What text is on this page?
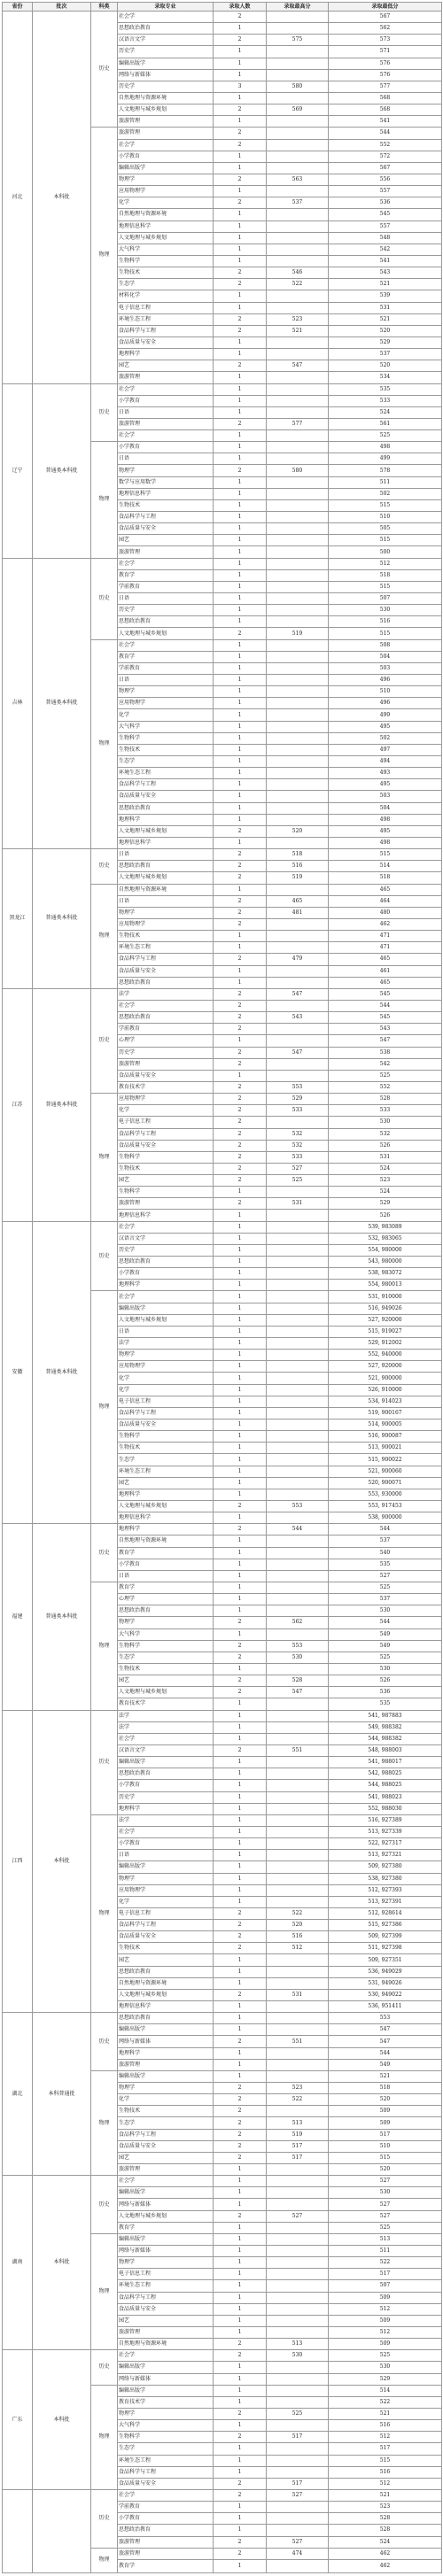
省份	批次	科类	录取专业	录取人数	录取最高分	录取最低分
河北	本科批	历史	社会学	2		567
			思想政治教育	1		562
			汉语言文学	2	575	573
			历史学	1		571
			编辑出版学	1		576
			网络与新媒体	1		576
			历史学	3	580	577
			自然地理与资源环境	1		568
			人文地理与城乡规划	2	569	568
			旅游管理	1		541
		物理	旅游管理	2		544
			社会学	2		552
			小学教育	1		572
			编辑出版学	1		567
			物理学	2	563	556
			应用物理学	1		557
			化学	2	537	536
			自然地理与资源环境	1		545
			地理信息科学	1		557
			人文地理与城乡规划	1		548
			大气科学	1		542
			生物科学	1		541
			生物技术	2	546	543
			生态学	2	522	521
			材料化学	1		539
			电子信息工程	1		531
			环境生态工程	2	523	521
			食品科学与工程	2	521	520
			食品质量与安全	1		529
			地理科学	1		537
			园艺	2	547	520
			旅游管理	1		534
辽宁	普通类本科批	历史	社会学	1		535
			小学教育	1		533
			日语	1		524
			旅游管理	2	577	561
			社会学	1		525
		物理	小学教育	1		498
			日语	1		499
			物理学	2	580	578
			数学与应用数学	1		511
			地理信息科学	1		502
			生物技术	1		515
			食品科学与工程	1		510
			食品质量与安全	1		505
			园艺	1		515
			旅游管理	1		500
吉林	普通类本科批	历史	社会学	1		512
			教育学	1		518
			学前教育	1		515
			日语	1		507
			历史学	1		530
			思想政治教育	1		516
			人文地理与城乡规划	2	519	515
		物理	社会学	1		508
			教育学	1		504
			学前教育	1		503
			日语	1		496
			物理学	1		510
			应用物理学	1		496
			化学	1		499
			大气科学	1		495
			生物科学	1		502
			生物技术	1		497
			生态学	1		494
			环境生态工程	1		493
			食品科学与工程	1		495
			食品质量与安全	1		503
			思想政治教育	1		504
			地理科学	1		498
			人文地理与城乡规划	2	520	495
			地理信息科学	1		498
黑龙江	普通类本科批	历史	日语	2	518	515
			思想政治教育	2	516	514
			人文地理与城乡规划	2	519	518
		物理	自然地理与资源环境	1		465
			日语	2	465	464
			物理学	2	481	480
			应用物理学	2		462
			生物技术	1		471
			环境生态工程	1		471
			食品科学与工程	2	479	465
			食品质量与安全	1		461
			思想政治教育	1		465
江苏	普通类本科批	历史	法学	2	547	545
			社会学	2		544
			思想政治教育	2	543	545
			学前教育	2		543
			心理学	1		547
			历史学	2	547	538
			旅游管理	2		542
			食品质量与安全	1		525
			教育技术学	2	553	552
		物理	应用物理学	2	529	528
			化学	2	533	533
			电子信息工程	2		530
			食品科学与工程	2	532	532
			食品质量与安全	2	532	526
			生物科学	2	533	531
			生物技术	2	527	524
			园艺	2	525	523
			生物科学	1		524
			旅游管理	2	531	529
			地理信息科学	1		526
安徽	普通类本科批	历史	社会学	1		539, 983089
			汉语言文学	1		532, 983065
			历史学	1		554, 980000
			思想政治教育	1		543, 980000
			小学教育	1		538, 983072
			地理科学	1		554, 980013
		物理	社会学	1		531, 910000
			编辑出版学	1		516, 949026
			人文地理与城乡规划	1		527, 920000
			日语	1		515, 919027
			法学	1		529, 912002
			物理学	1		552, 940000
			应用物理学	1		527, 920000
			化学	1		521, 900000
			化学	1		526, 910000
			电子信息工程	1		534, 914023
			食品科学与工程	1		519, 900167
			食品质量与安全	1		514, 900005
			生物科学	1		516, 900087
			生物技术	1		513, 900021
			生态学	1		515, 900022
			环境生态工程	1		521, 900060
			园艺	1		520, 900071
			地理科学	1		553, 930000
			人文地理与城乡规划	2	553	553, 917453
			地理信息科学	1		538, 900000
福建	普通类本科批	历史	地理科学	2	544	544
			自然地理与资源环境	1		537
			教育学	1		540
			小学教育	1		535
			日语	1		527
		物理	教育学	1		525
			心理学	1		537
			思想政治教育	1		530
			物理学	2	562	544
			大气科学	1		549
			生物科学	2	553	549
			生态学	2	530	525
			生物技术	1		530
			园艺	2	528	526
			人文地理与城乡规划	2	547	536
			教育技术学	1		535
江西	本科批	历史	法学	1		541, 987883
			法学	1		549, 988382
			社会学	1		544, 988382
			汉语言文学	2	551	548, 988003
			编辑出版学	1		541, 988017
			思想政治教育	1		542, 988025
			小学教育	1		544, 988025
			历史学	1		541, 988023
			地理科学	1		552, 988030
		物理	法学	1		516, 927389
			社会学	1		513, 927339
			小学教育	1		522, 927317
			日语	1		513, 927321
			编辑出版学	1		509, 927380
			物理学	1		538, 927380
			应用物理学	1		512, 927393
			化学	1		513, 927391
			电子信息工程	2	522	512, 928614
			食品科学与工程	2	520	515, 927386
			食品质量与安全	2	516	509, 927399
			生物技术	2	512	511, 927398
			园艺	1		509, 927351
			思想政治教育	1		536, 949029
			自然地理与资源环境	1		531, 949026
			人文地理与城乡规划	2	531	530, 949022
			地理信息科学	1		536, 951411
湖北	本科普通批	历史	思想政治教育	1		553
			编辑出版学	1		547
			网络与新媒体	2	551	547
			地理科学	1		544
			旅游管理	1		549
		物理	编辑出版学	1		521
			物理学	2	523	518
			化学	2	522	520
			生物技术	2		509
			生态学	2	513	509
			食品科学与工程	2	519	517
			食品质量与安全	2	517	510
			园艺	2	517	515
			旅游管理	1		520
湖南	本科批	历史	社会学	1		527
			编辑出版学	1		530
			网络与新媒体	1		527
			人文地理与城乡规划	2	527	527
			教育学	1		525
		物理	编辑出版学	1		513
			网络与新媒体	1		511
			物理学	1		522
			电子信息工程	1		517
			环境生态工程	1		507
			食品科学与工程	1		509
			食品质量与安全	1		512
			园艺	1		509
			旅游管理	1		512
			自然地理与资源环境	2	513	509
广东	本科批	历史	社会学	2	530	525
			编辑出版学	1		530
			网络与新媒体	1		529
		物理	编辑出版学	1		514
			教育技术学	1		522
			物理学	2	525	521
			大气科学	1		516
			生物科学	2	517	512
			生态学	1		517
			环境生态工程	1		515
			食品科学与工程	1		516
			食品质量与安全	2	517	512
		历史	社会学	2	527	521
			学前教育	1		523
			小学教育	1		528
			思想政治教育	1		528
			旅游管理	2	527	524
		物理	旅游管理	2	474	462
			教育学	1		462
